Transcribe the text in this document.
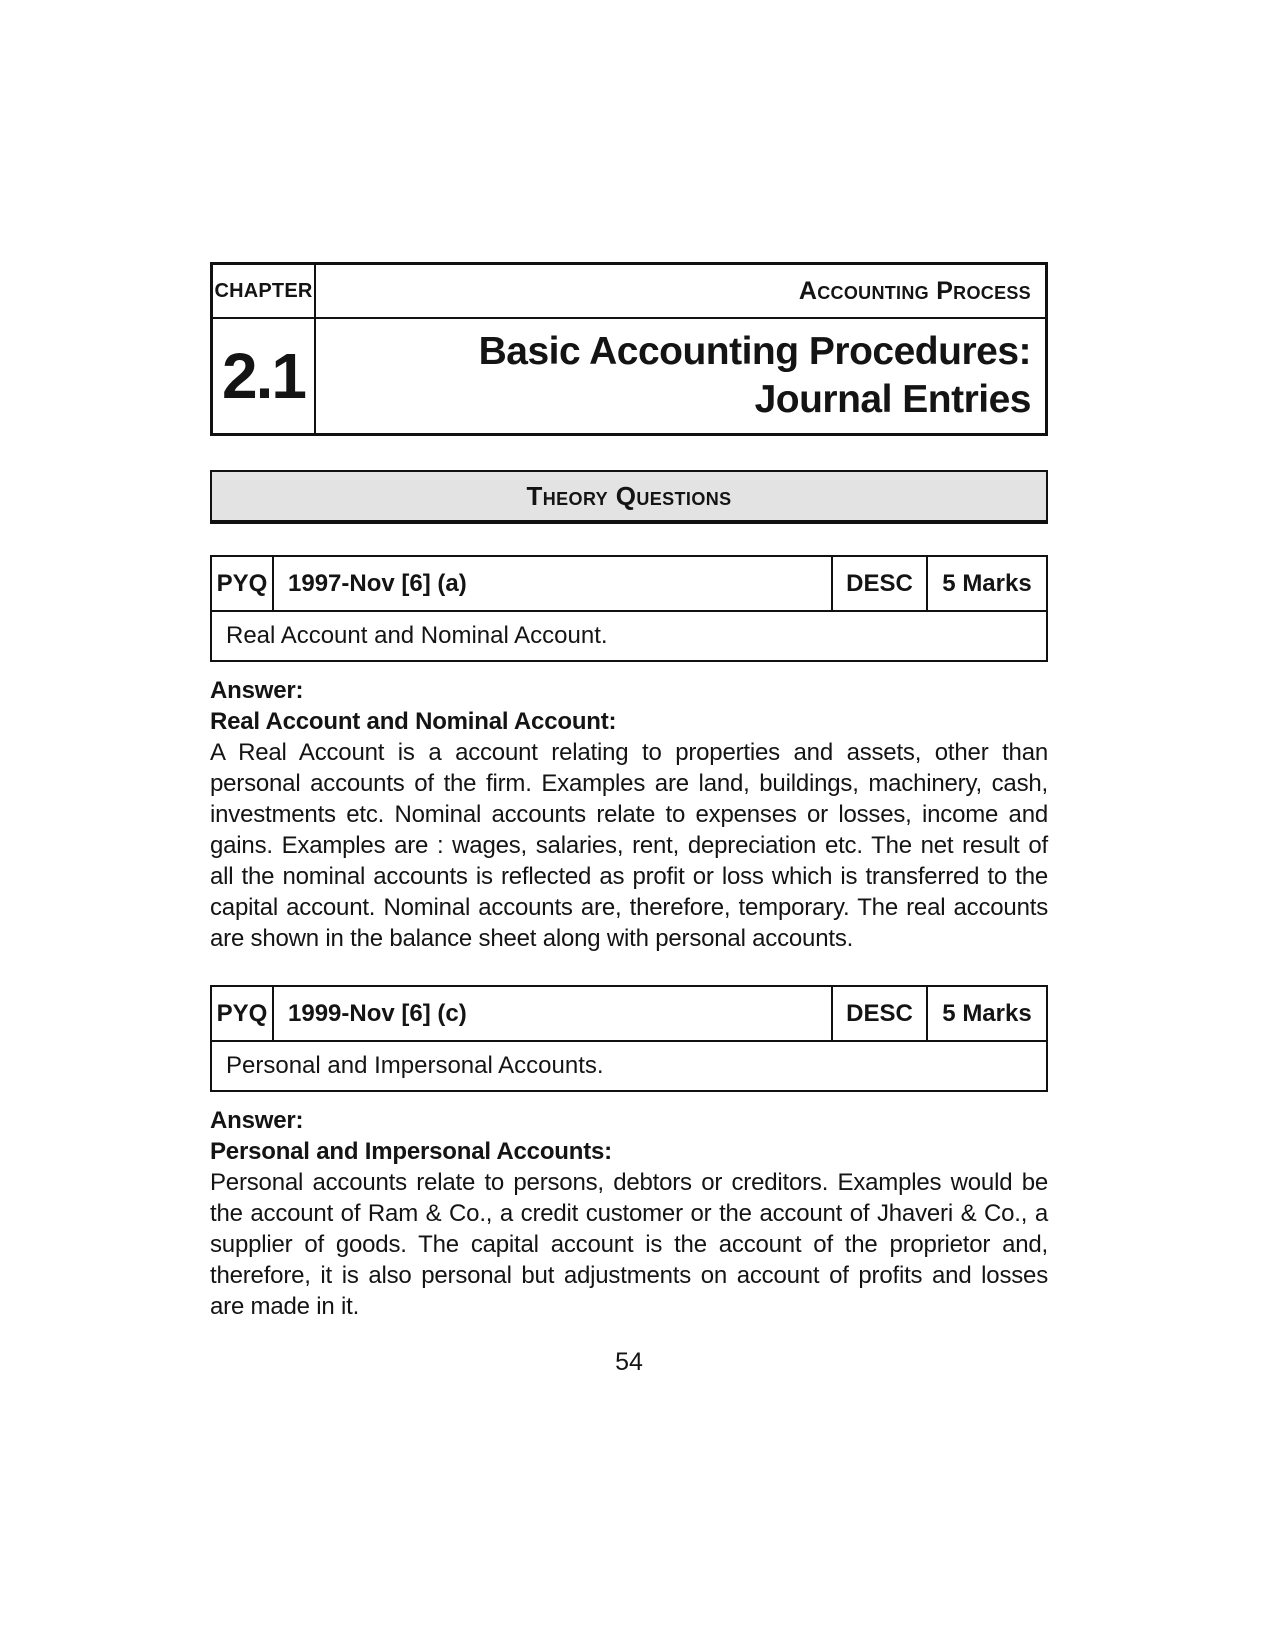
CHAPTER	Accounting Process
2.1	Basic Accounting Procedures:
Journal Entries
Theory Questions
PYQ 1997-Nov [6] (a)	DESC	5 Marks
Real Account and Nominal Account.
Answer:
Real Account and Nominal Account:

A Real Account is a account relating to properties and assets, other than personal accounts of the firm. Examples are land, buildings, machinery, cash, investments etc. Nominal accounts relate to expenses or losses, income and gains. Examples are : wages, salaries, rent, depreciation etc. The net result of all the nominal accounts is reflected as profit or loss which is transferred to the capital account. Nominal accounts are, therefore, temporary. The real accounts are shown in the balance sheet along with personal accounts.

PYQ 1999-Nov [6] (c)	DESC	5 Marks
Personal and Impersonal Accounts.
Answer:
Personal and Impersonal Accounts:

Personal accounts relate to persons, debtors or creditors. Examples would be the account of Ram & Co., a credit customer or the account of Jhaveri & Co., a supplier of goods. The capital account is the account of the proprietor and, therefore, it is also personal but adjustments on account of profits and losses are made in it.

54
